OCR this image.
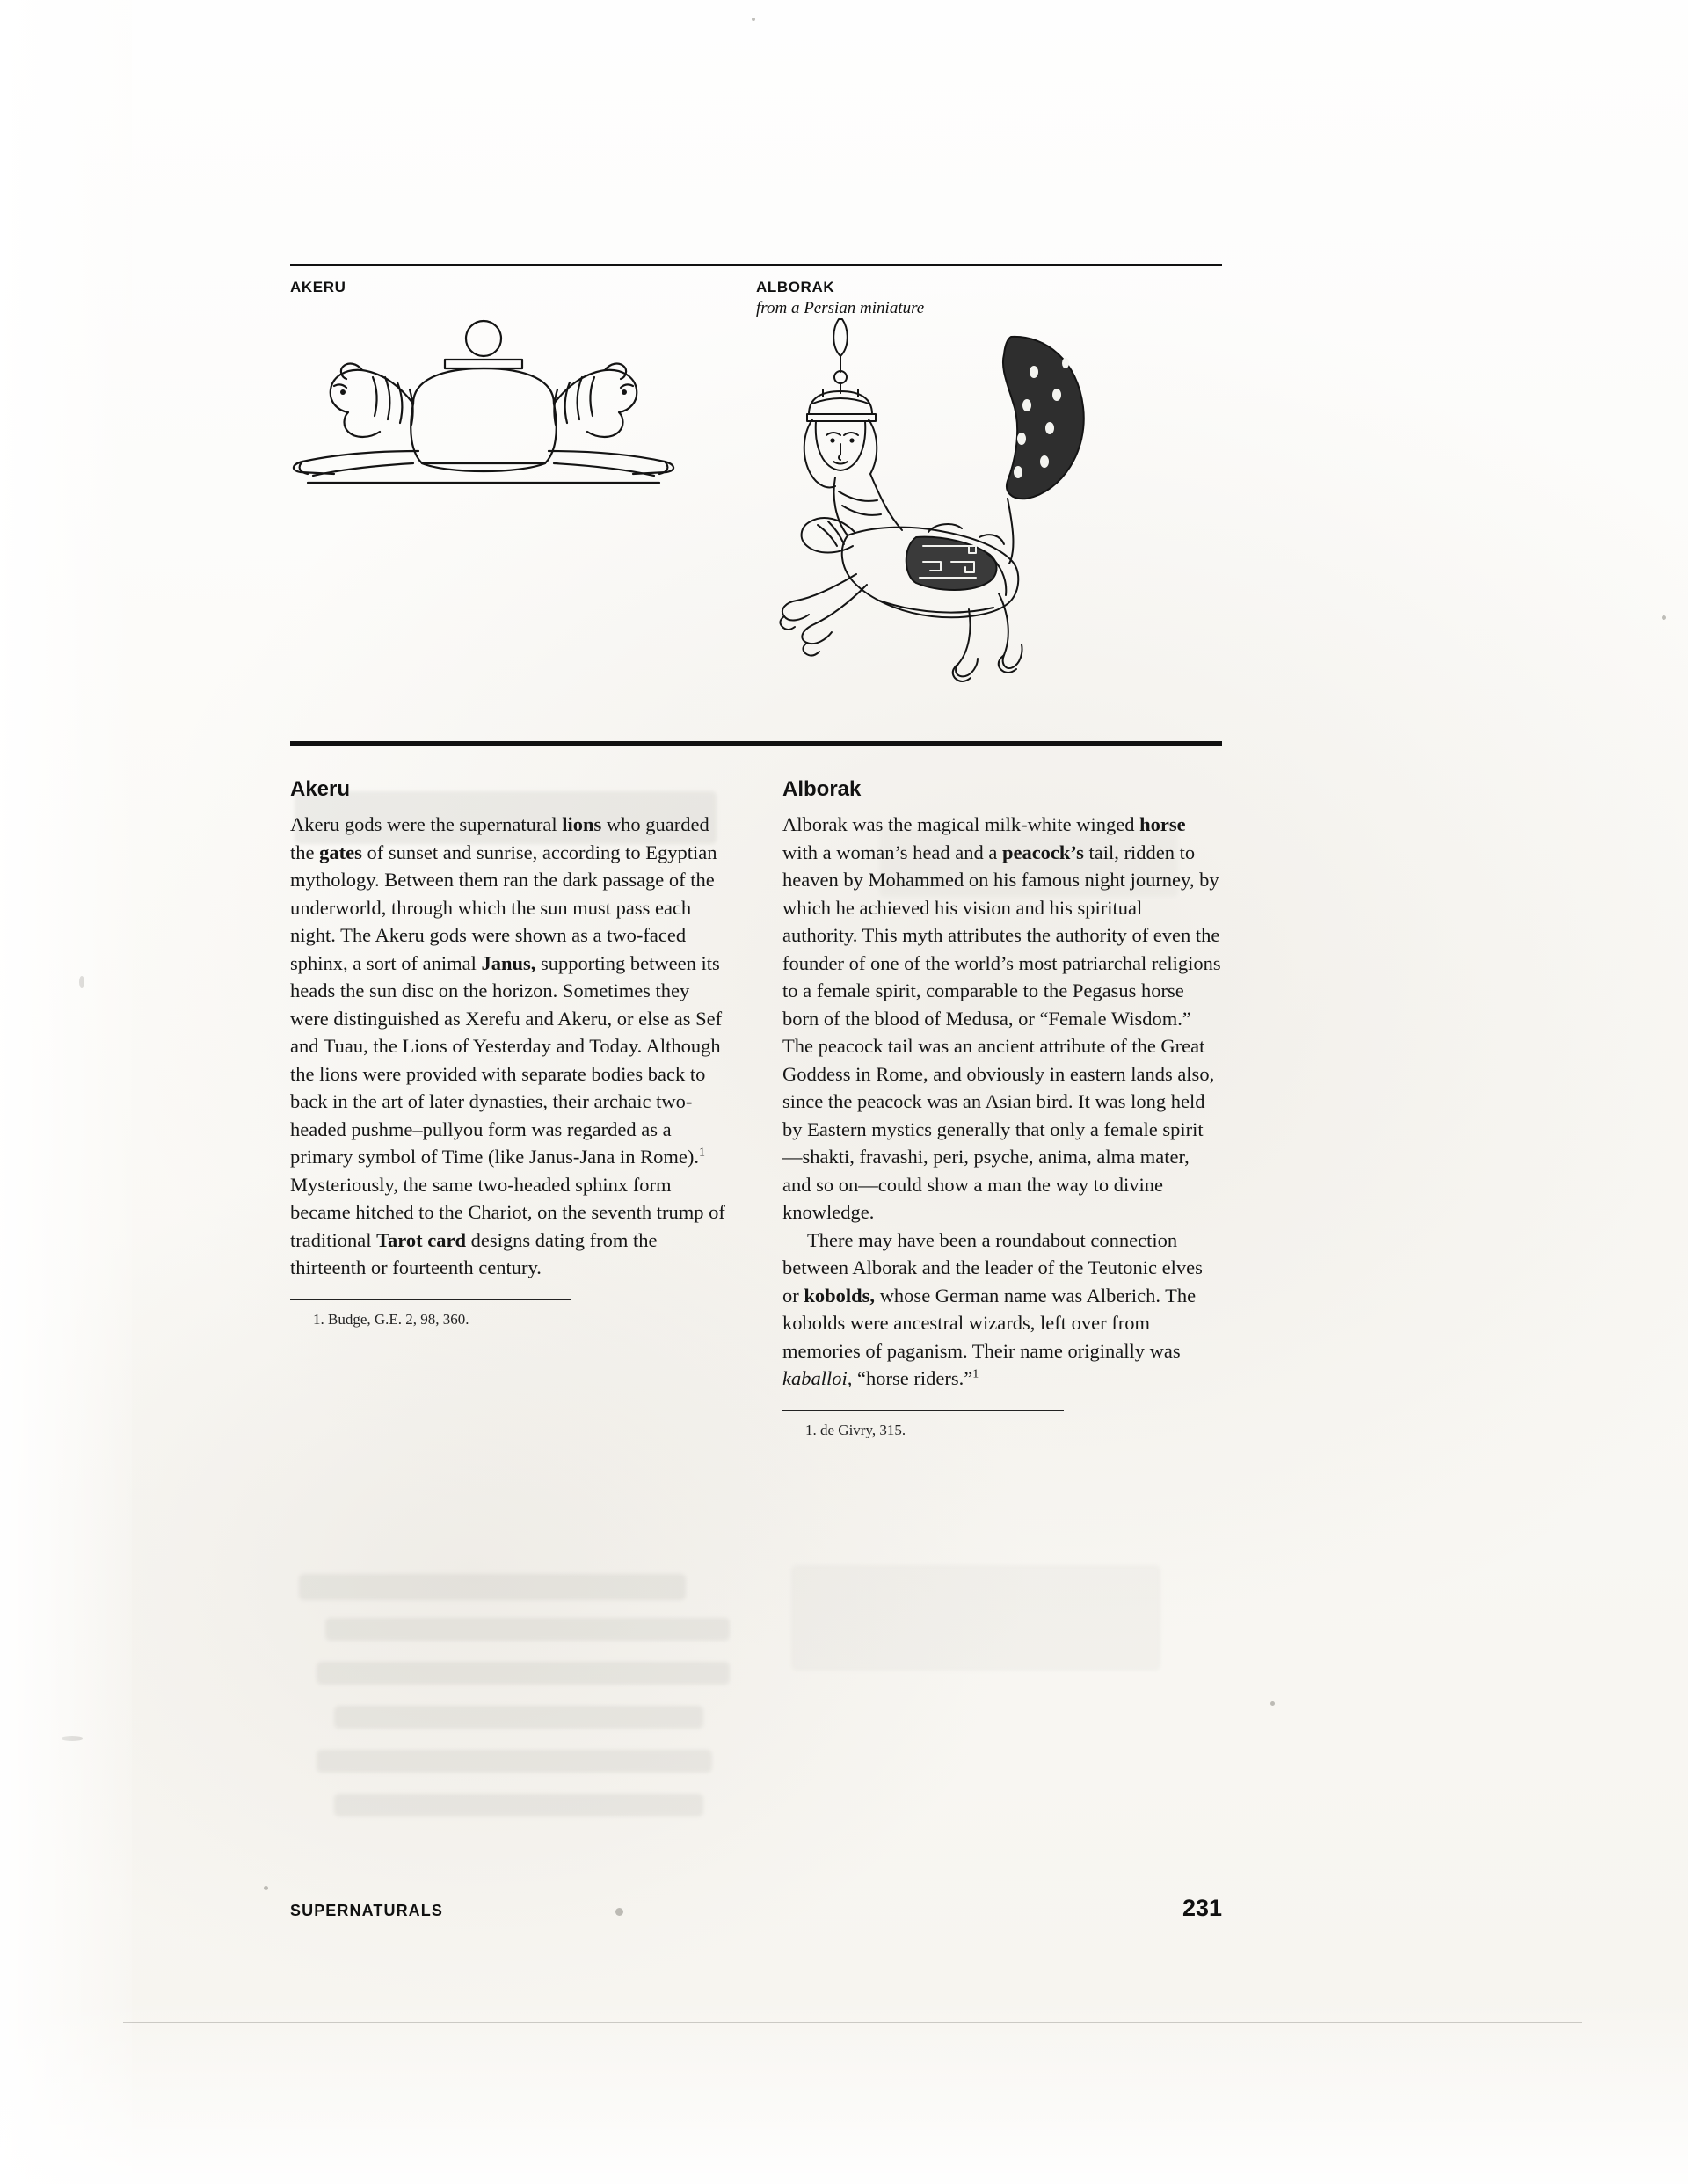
AKERU	ALBORAK
from a Persian miniature
Akeru

Akeru gods were the supernatural lions who guarded the gates of sunset and sunrise, according to Egyptian mythology. Between them ran the dark passage of the underworld, through which the sun must pass each night. The Akeru gods were shown as a two-faced sphinx, a sort of animal Janus, supporting between its heads the sun disc on the horizon. Sometimes they were distinguished as Xerefu and Akeru, or else as Sef and Tuau, the Lions of Yesterday and Today. Although the lions were provided with separate bodies back to back in the art of later dynasties, their archaic two-headed pushme–pullyou form was regarded as a primary symbol of Time (like Janus-Jana in Rome).$^1$ Mysteriously, the same two-headed sphinx form became hitched to the Chariot, on the seventh trump of traditional Tarot card designs dating from the thirteenth or fourteenth century.

1. Budge, G.E. 2, 98, 360.
Alborak

Alborak was the magical milk-white winged horse with a woman’s head and a peacock’s tail, ridden to heaven by Mohammed on his famous night journey, by which he achieved his vision and his spiritual authority. This myth attributes the authority of even the founder of one of the world’s most patriarchal religions to a female spirit, comparable to the Pegasus horse born of the blood of Medusa, or “Female Wisdom.” The peacock tail was an ancient attribute of the Great Goddess in Rome, and obviously in eastern lands also, since the peacock was an Asian bird. It was long held by Eastern mystics generally that only a female spirit—shakti, fravashi, peri, psyche, anima, alma mater, and so on—could show a man the way to divine knowledge.

There may have been a roundabout connection between Alborak and the leader of the Teutonic elves or kobolds, whose German name was Alberich. The kobolds were ancestral wizards, left over from memories of paganism. Their name originally was kaballoi, “horse riders.”$^1$

1. de Givry, 315.
SUPERNATURALS	231
